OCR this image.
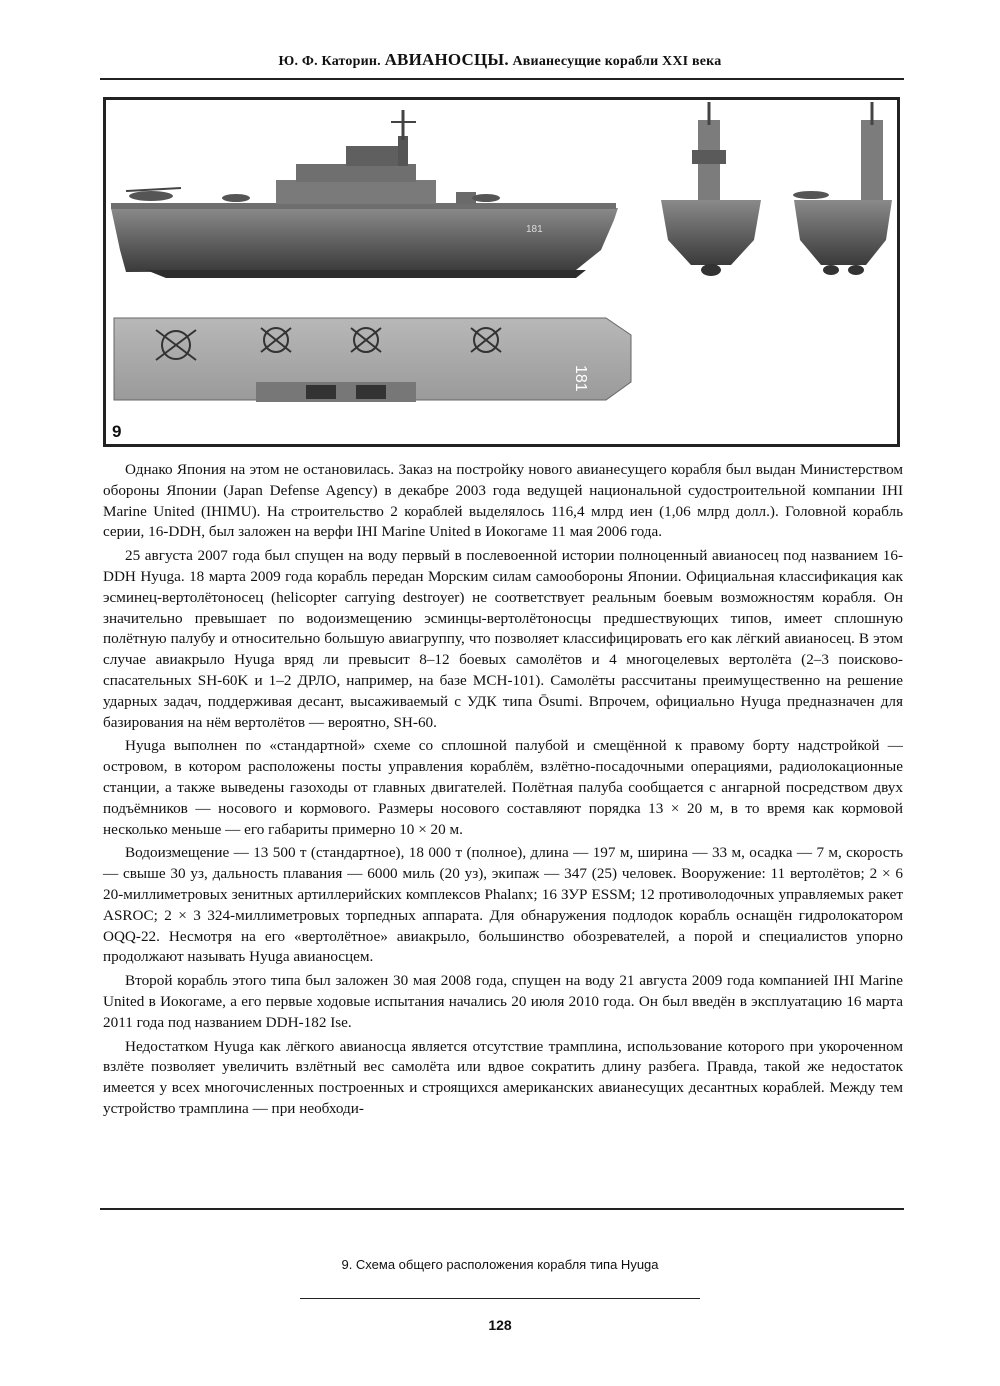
Ю. Ф. Каторин. АВИАНОСЦЫ. Авианесущие корабли XXI века
181
181
9

Однако Япония на этом не остановилась. Заказ на постройку нового авианесущего корабля был выдан Министерством обороны Японии (Japan Defense Agency) в декабре 2003 года ведущей национальной судостроительной компании IHI Marine United (IHIMU). На строительство 2 кораблей выделялось 116,4 млрд иен (1,06 млрд долл.). Головной корабль серии, 16-DDH, был заложен на верфи IHI Marine United в Иокогаме 11 мая 2006 года.

25 августа 2007 года был спущен на воду первый в послевоенной истории полноценный авианосец под названием 16-DDH Hyuga. 18 марта 2009 года корабль передан Морским силам самообороны Японии. Официальная классификация как эсминец-вертолётоносец (helicopter carrying destroyer) не соответствует реальным боевым возможностям корабля. Он значительно превышает по водоизмещению эсминцы-вертолётоносцы предшествующих типов, имеет сплошную полётную палубу и относительно большую авиагруппу, что позволяет классифицировать его как лёгкий авианосец. В этом случае авиакрыло Hyuga вряд ли превысит 8–12 боевых самолётов и 4 многоцелевых вертолёта (2–3 поисково-спасательных SH-60K и 1–2 ДРЛО, например, на базе MCH-101). Самолёты рассчитаны преимущественно на решение ударных задач, поддерживая десант, высаживаемый с УДК типа Ōsumi. Впрочем, официально Hyuga предназначен для базирования на нём вертолётов — вероятно, SH-60.

Hyuga выполнен по «стандартной» схеме со сплошной палубой и смещённой к правому борту надстройкой — островом, в котором расположены посты управления кораблём, взлётно-посадочными операциями, радиолокационные станции, а также выведены газоходы от главных двигателей. Полётная палуба сообщается с ангарной посредством двух подъёмников — носового и кормового. Размеры носового составляют порядка 13 × 20 м, в то время как кормовой несколько меньше — его габариты примерно 10 × 20 м.

Водоизмещение — 13 500 т (стандартное), 18 000 т (полное), длина — 197 м, ширина — 33 м, осадка — 7 м, скорость — свыше 30 уз, дальность плавания — 6000 миль (20 уз), экипаж — 347 (25) человек. Вооружение: 11 вертолётов; 2 × 6 20-миллиметровых зенитных артиллерийских комплексов Phalanx; 16 ЗУР ESSM; 12 противолодочных управляемых ракет ASROC; 2 × 3 324-миллиметровых торпедных аппарата. Для обнаружения подлодок корабль оснащён гидролокатором OQQ-22. Несмотря на его «вертолётное» авиакрыло, большинство обозревателей, а порой и специалистов упорно продолжают называть Hyuga авианосцем.

Второй корабль этого типа был заложен 30 мая 2008 года, спущен на воду 21 августа 2009 года компанией IHI Marine United в Иокогаме, а его первые ходовые испытания начались 20 июля 2010 года. Он был введён в эксплуатацию 16 марта 2011 года под названием DDH-182 Ise.

Недостатком Hyuga как лёгкого авианосца является отсутствие трамплина, использование которого при укороченном взлёте позволяет увеличить взлётный вес самолёта или вдвое сократить длину разбега. Правда, такой же недостаток имеется у всех многочисленных построенных и строящихся американских авианесущих десантных кораблей. Между тем устройство трамплина — при необходи-

9. Схема общего расположения корабля типа Hyuga
128
